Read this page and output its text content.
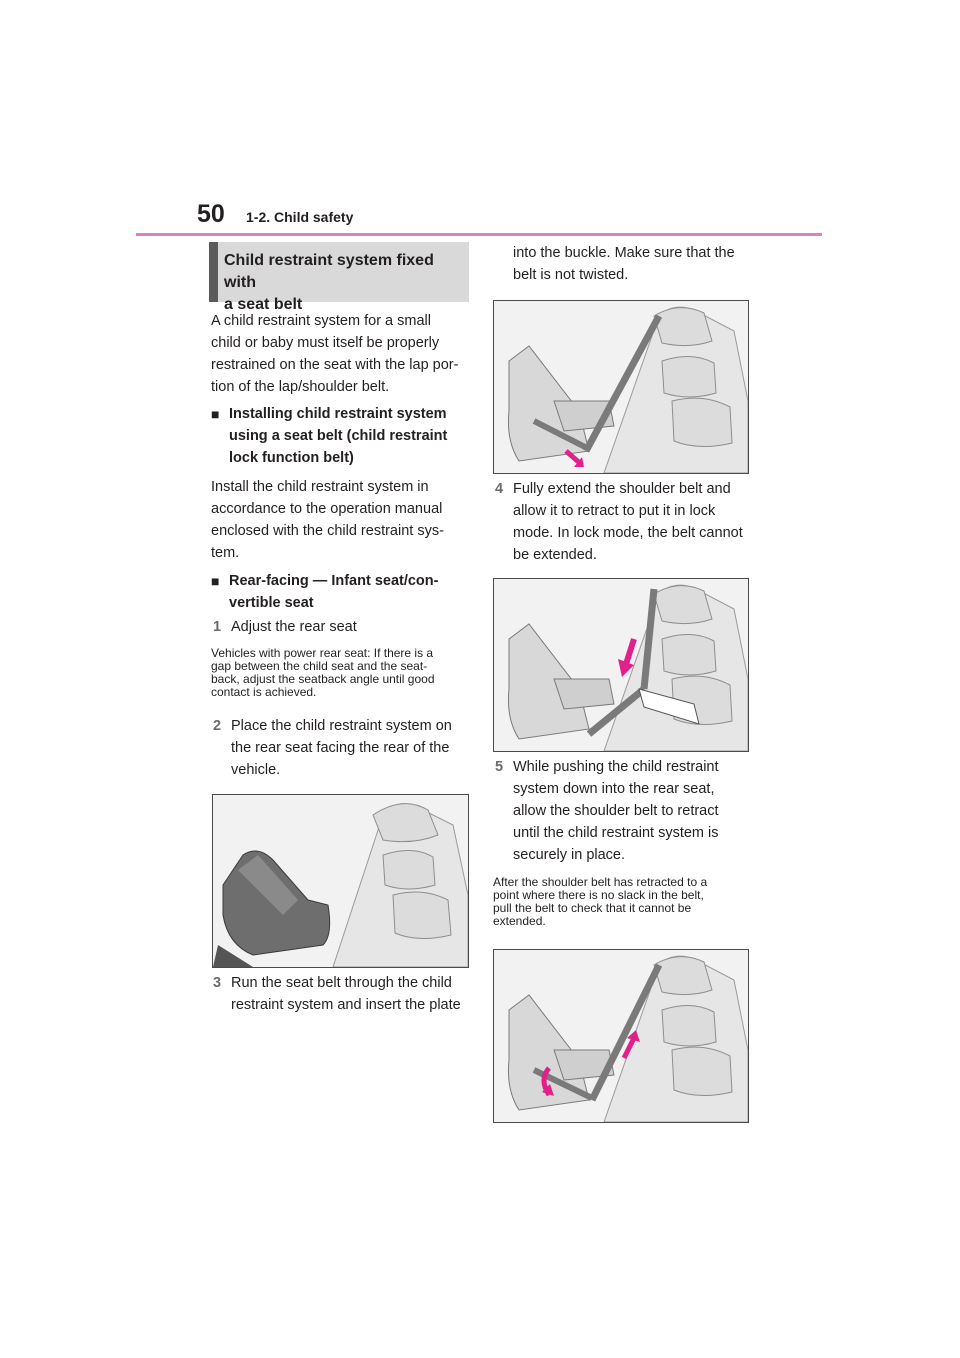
50 1-2. Child safety
Child restraint system fixed with
a seat belt
A child restraint system for a small
child or baby must itself be properly
restrained on the seat with the lap por-
tion of the lap/shoulder belt.
■ Installing child restraint system
using a seat belt (child restraint
lock function belt)
Install the child restraint system in
accordance to the operation manual
enclosed with the child restraint sys-
tem.
■ Rear-facing — Infant seat/con-
vertible seat
1 Adjust the rear seat
Vehicles with power rear seat: If there is a
gap between the child seat and the seat-
back, adjust the seatback angle until good
contact is achieved.
2 Place the child restraint system on
the rear seat facing the rear of the
vehicle.
3 Run the seat belt through the child
restraint system and insert the plate
into the buckle. Make sure that the
belt is not twisted.
4 Fully extend the shoulder belt and
allow it to retract to put it in lock
mode. In lock mode, the belt cannot
be extended.
5 While pushing the child restraint
system down into the rear seat,
allow the shoulder belt to retract
until the child restraint system is
securely in place.
After the shoulder belt has retracted to a
point where there is no slack in the belt,
pull the belt to check that it cannot be
extended.
